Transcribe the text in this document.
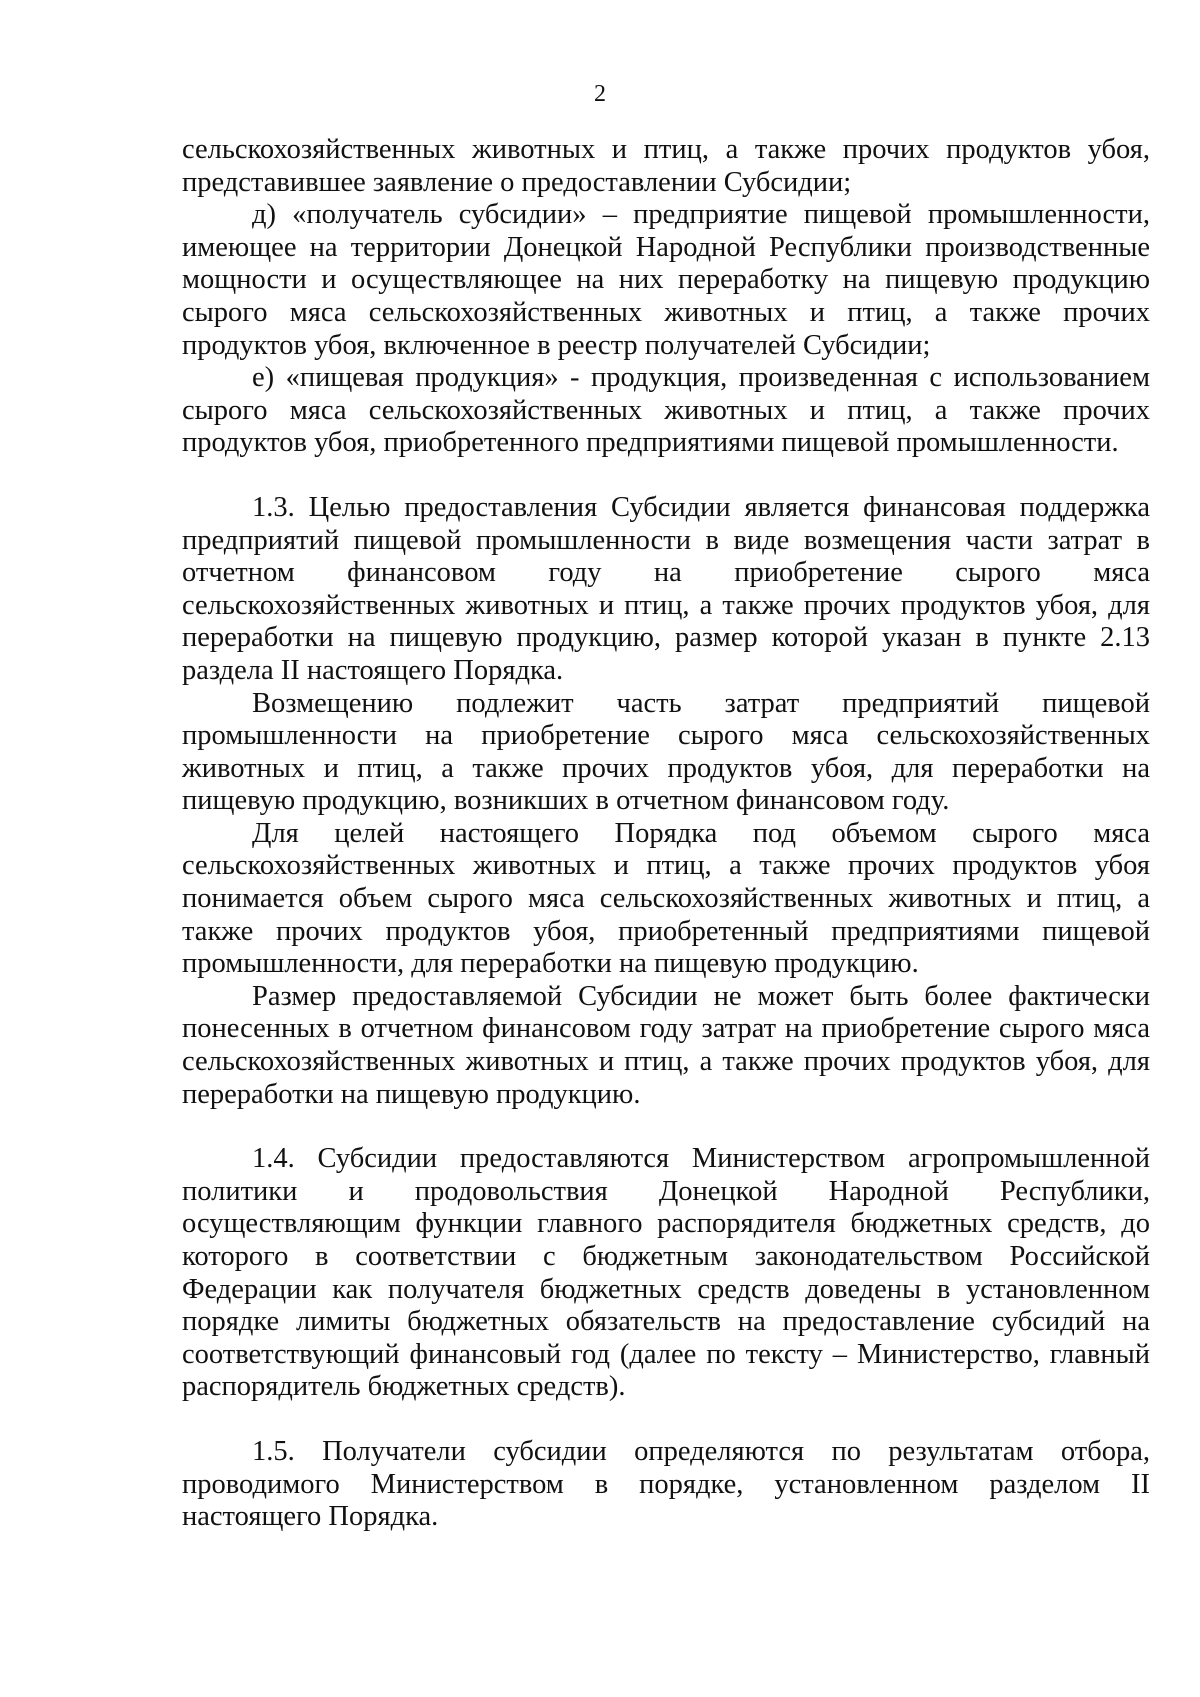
2

сельскохозяйственных животных и птиц, а также прочих продуктов убоя, представившее заявление о предоставлении Субсидии;

д) «получатель субсидии» – предприятие пищевой промышленности, имеющее на территории Донецкой Народной Республики производственные мощности и осуществляющее на них переработку на пищевую продукцию сырого мяса сельскохозяйственных животных и птиц, а также прочих продуктов убоя, включенное в реестр получателей Субсидии;

е) «пищевая продукция» - продукция, произведенная с использованием сырого мяса сельскохозяйственных животных и птиц, а также прочих продуктов убоя, приобретенного предприятиями пищевой промышленности.

1.3. Целью предоставления Субсидии является финансовая поддержка предприятий пищевой промышленности в виде возмещения части затрат в отчетном финансовом году на приобретение сырого мяса сельскохозяйственных животных и птиц, а также прочих продуктов убоя, для переработки на пищевую продукцию, размер которой указан в пункте 2.13 раздела II настоящего Порядка.

Возмещению подлежит часть затрат предприятий пищевой промышленности на приобретение сырого мяса сельскохозяйственных животных и птиц, а также прочих продуктов убоя, для переработки на пищевую продукцию, возникших в отчетном финансовом году.

Для целей настоящего Порядка под объемом сырого мяса сельскохозяйственных животных и птиц, а также прочих продуктов убоя понимается объем сырого мяса сельскохозяйственных животных и птиц, а также прочих продуктов убоя, приобретенный предприятиями пищевой промышленности, для переработки на пищевую продукцию.

Размер предоставляемой Субсидии не может быть более фактически понесенных в отчетном финансовом году затрат на приобретение сырого мяса сельскохозяйственных животных и птиц, а также прочих продуктов убоя, для переработки на пищевую продукцию.

1.4. Субсидии предоставляются Министерством агропромышленной политики и продовольствия Донецкой Народной Республики, осуществляющим функции главного распорядителя бюджетных средств, до которого в соответствии с бюджетным законодательством Российской Федерации как получателя бюджетных средств доведены в установленном порядке лимиты бюджетных обязательств на предоставление субсидий на соответствующий финансовый год (далее по тексту – Министерство, главный распорядитель бюджетных средств).

1.5. Получатели субсидии определяются по результатам отбора, проводимого Министерством в порядке, установленном разделом II настоящего Порядка.
